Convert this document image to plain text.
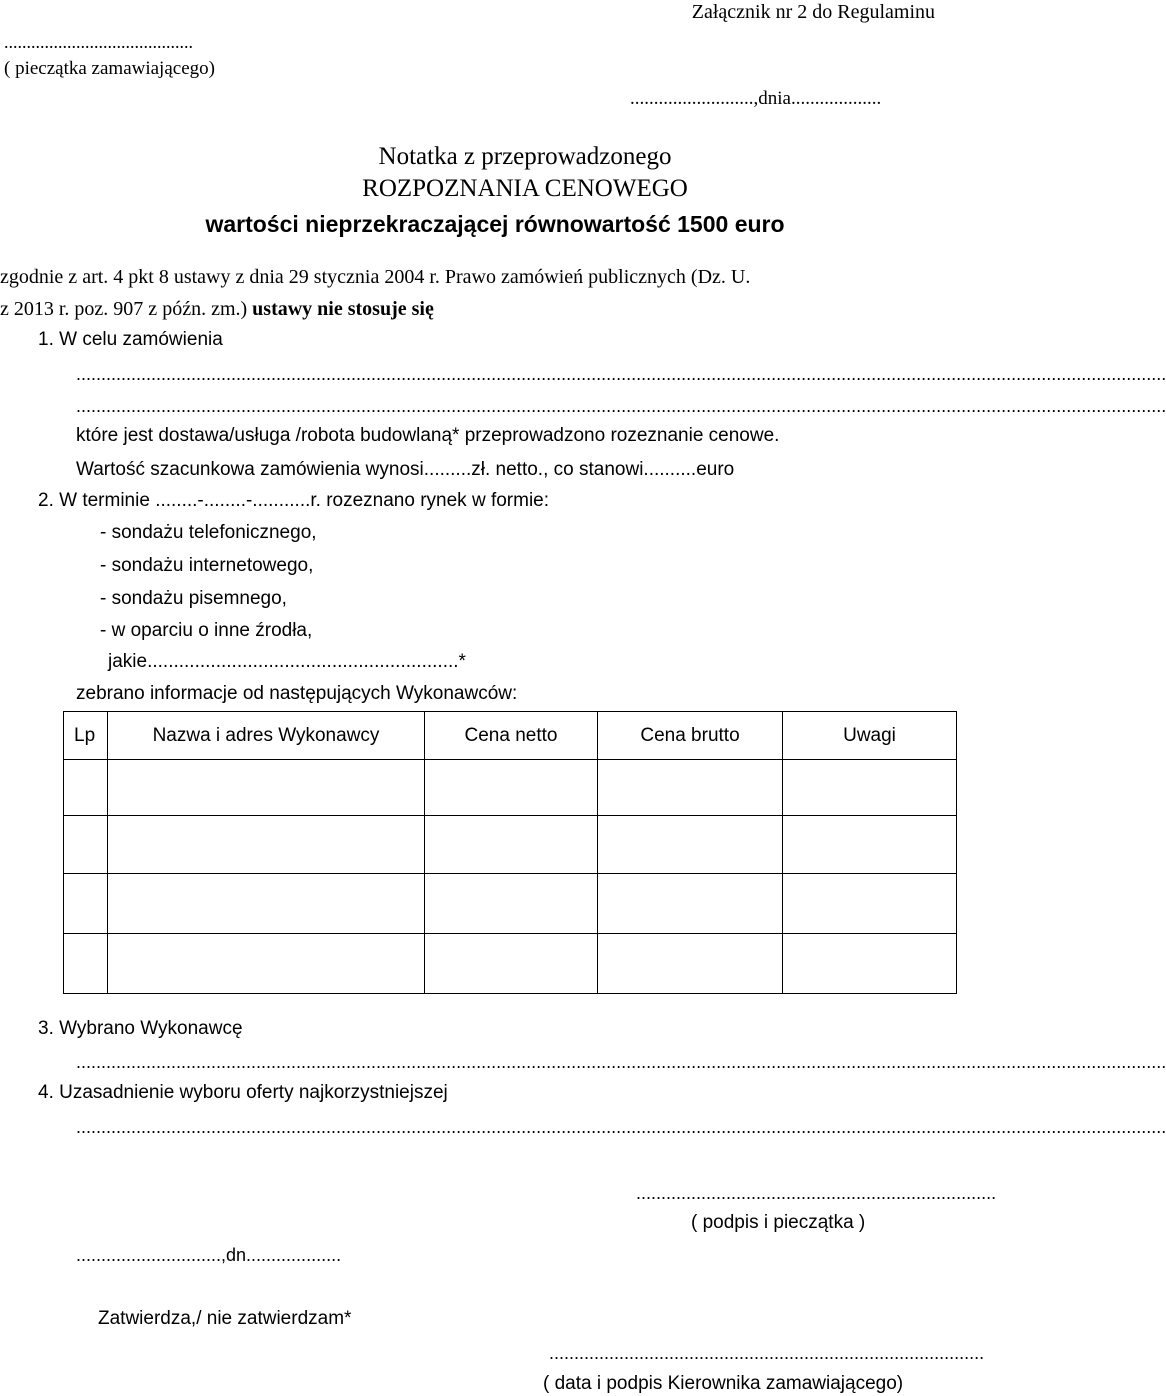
..........................................
( pieczątka zamawiającego)
Załącznik nr 2 do Regulaminu
..........................,dnia...................
Notatka z przeprowadzonego
ROZPOZNANIA CENOWEGO
wartości nieprzekraczającej równowartość 1500 euro
zgodnie z art. 4 pkt 8 ustawy z dnia 29 stycznia 2004 r. Prawo zamówień publicznych (Dz. U.
z 2013 r. poz. 907 z późn. zm.) ustawy nie stosuje się
1. W celu zamówienia
..........................................................................................................................................................................................................................
..........................................................................................................................................................................................................................
które jest dostawa/usługa /robota budowlaną* przeprowadzono rozeznanie cenowe.
Wartość szacunkowa zamówienia wynosi.........zł. netto., co stanowi..........euro
2. W terminie ........-........-...........r. rozeznano rynek w formie:
- sondażu telefonicznego,
- sondażu internetowego,
- sondażu pisemnego,
- w oparciu o inne źrodła,
jakie...........................................................*
zebrano informacje od następujących Wykonawców:
Lp	Nazwa i adres Wykonawcy	Cena netto	Cena brutto	Uwagi

3. Wybrano Wykonawcę
..........................................................................................................................................................................................................................
4. Uzasadnienie wyboru oferty najkorzystniejszej
..........................................................................................................................................................................................................................
........................................................................
( podpis i pieczątka )
.............................,dn...................
Zatwierdza,/ nie zatwierdzam*
.......................................................................................
( data i podpis Kierownika zamawiającego)
